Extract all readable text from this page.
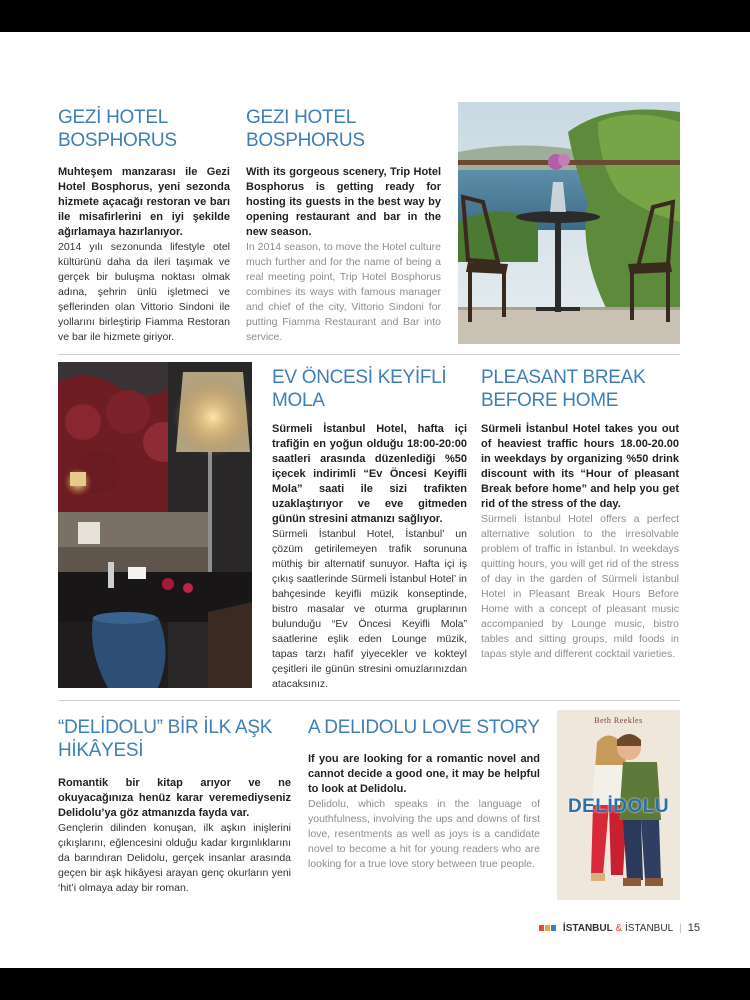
GEZİ HOTEL BOSPHORUS

Muhteşem manzarası ile Gezi Hotel Bosphorus, yeni sezonda hizmete açacağı restoran ve barı ile misafirlerini en iyi şekilde ağırlamaya hazırlanıyor.

2014 yılı sezonunda lifestyle otel kültürünü daha da ileri taşımak ve gerçek bir buluşma noktası olmak adına, şehrin ünlü işletmeci ve şeflerinden olan Vittorio Sindoni ile yollarını birleştirip Fiamma Restoran ve bar ile hizmete giriyor.

GEZI HOTEL BOSPHORUS

With its gorgeous scenery, Trip Hotel Bosphorus is getting ready for hosting its guests in the best way by opening restaurant and bar in the new season.

In 2014 season, to move the Hotel culture much further and for the name of being a real meeting point, Trip Hotel Bosphorus combines its ways with famous manager and chief of the city, Vittorio Sindoni for putting Fiamma Restaurant and Bar into service.

EV ÖNCESİ KEYİFLİ MOLA

Sürmeli İstanbul Hotel, hafta içi trafiğin en yoğun olduğu 18:00-20:00 saatleri arasında düzenlediği %50 içecek indirimli “Ev Öncesi Keyifli Mola” saati ile sizi trafikten uzaklaştırıyor ve eve gitmeden günün stresini atmanızı sağlıyor.

Sürmeli İstanbul Hotel, İstanbul’ un çözüm getirilemeyen trafik sorununa müthiş bir alternatif sunuyor. Hafta içi iş çıkış saatlerinde Sürmeli İstanbul Hotel’ in bahçesinde keyifli müzik konseptinde, bistro masalar ve oturma gruplarının bulunduğu “Ev Öncesi Keyifli Mola” saatlerine eşlik eden Lounge müzik, tapas tarzı hafif yiyecekler ve kokteyl çeşitleri ile günün stresini omuzlarınızdan atacaksınız.

PLEASANT BREAK BEFORE HOME

Sürmeli İstanbul Hotel takes you out of heaviest traffic hours 18.00-20.00 in weekdays by organizing %50 drink discount with its “Hour of pleasant Break before home” and help you get rid of the stress of the day.

Sürmeli İstanbul Hotel offers a perfect alternative solution to the irresolvable problem of traffic in İstanbul. In weekdays quitting hours, you will get rid of the stress of day in the garden of Sürmeli İstanbul Hotel in Pleasant Break Hours Before Home with a concept of pleasant music accompanied by Lounge music, bistro tables and sitting groups, mild foods in tapas style and different cocktail varieties.

“DELİDOLU” BİR İLK AŞK HİKÂYESİ

Romantik bir kitap arıyor ve ne okuyacağınıza henüz karar veremediyseniz Delidolu’ya göz atmanızda fayda var.

Gençlerin dilinden konuşan, ilk aşkın inişlerini çıkışlarını, eğlencesini olduğu kadar kırgınlıklarını da barındıran Delidolu, gerçek insanlar arasında geçen bir aşk hikâyesi arayan genç okurların yeni ‘hit’i olmaya aday bir roman.

A DELIDOLU LOVE STORY

If you are looking for a romantic novel and cannot decide a good one, it may be helpful to look at Delidolu.

Delidolu, which speaks in the language of youthfulness, involving the ups and downs of first love, resentments as well as joys is a candidate novel to become a hit for young readers who are looking for a true love story between true people.

Beth Reekles
DELİDOLU
İSTANBUL & İSTANBUL | 15
